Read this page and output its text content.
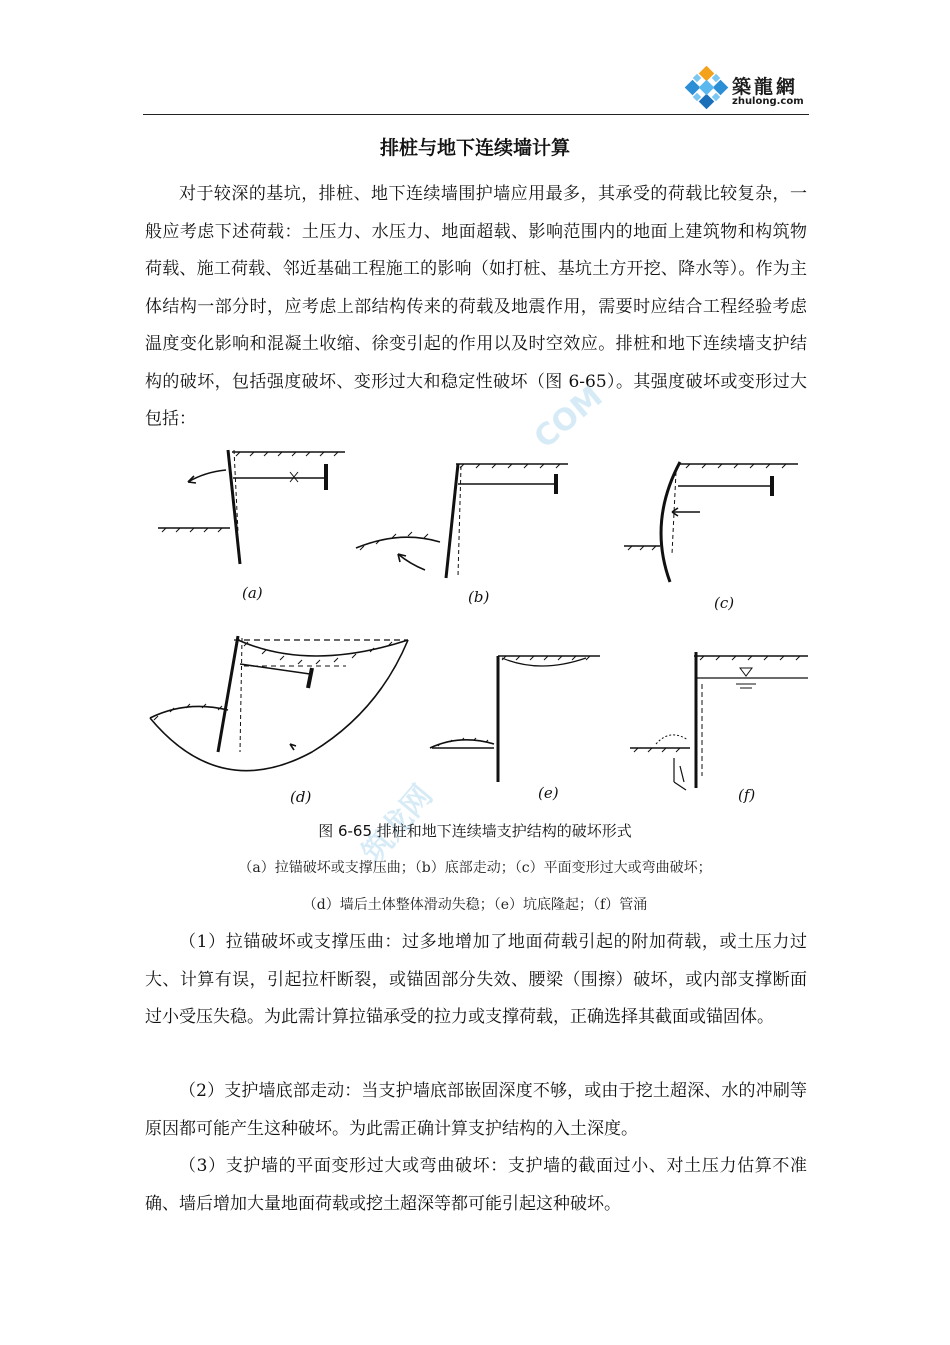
築龍網
zhulong.com
排桩与地下连续墙计算
对于较深的基坑，排桩、地下连续墙围护墙应用最多，其承受的荷载比较复杂，一般应考虑下述荷载：土压力、水压力、地面超载、影响范围内的地面上建筑物和构筑物荷载、施工荷载、邻近基础工程施工的影响（如打桩、基坑土方开挖、降水等）。作为主体结构一部分时，应考虑上部结构传来的荷载及地震作用，需要时应结合工程经验考虑温度变化影响和混凝土收缩、徐变引起的作用以及时空效应。排桩和地下连续墙支护结构的破坏，包括强度破坏、变形过大和稳定性破坏（图 6-65）。其强度破坏或变形过大包括：	COM
筑龙网
(a)	(b)	(c)
(d)	(e)	(f)
图 6-65 排桩和地下连续墙支护结构的破坏形式
（a）拉锚破坏或支撑压曲；（b）底部走动；（c）平面变形过大或弯曲破坏；
（d）墙后土体整体滑动失稳；（e）坑底隆起；（f）管涌
（1）拉锚破坏或支撑压曲：过多地增加了地面荷载引起的附加荷载，或土压力过大、计算有误，引起拉杆断裂，或锚固部分失效、腰梁（围擦）破坏，或内部支撑断面过小受压失稳。为此需计算拉锚承受的拉力或支撑荷载，正确选择其截面或锚固体。
（2）支护墙底部走动：当支护墙底部嵌固深度不够，或由于挖土超深、水的冲刷等原因都可能产生这种破坏。为此需正确计算支护结构的入土深度。
（3）支护墙的平面变形过大或弯曲破坏：支护墙的截面过小、对土压力估算不准确、墙后增加大量地面荷载或挖土超深等都可能引起这种破坏。
